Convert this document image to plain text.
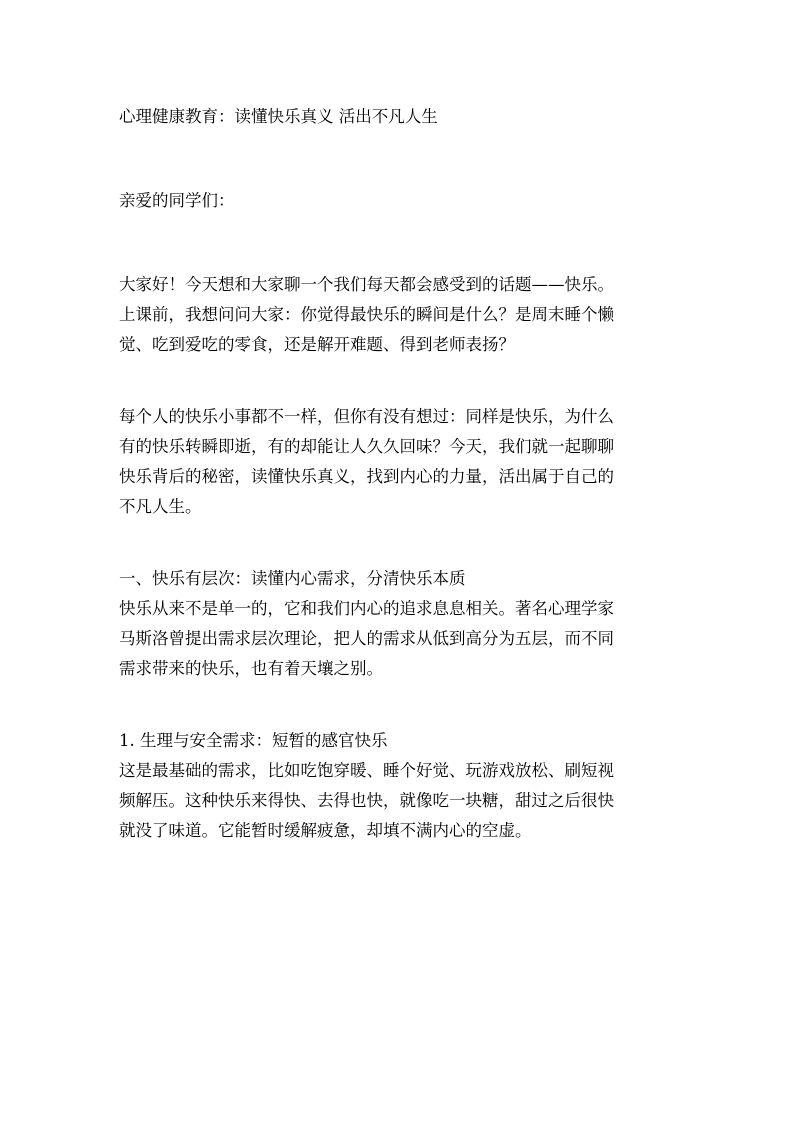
心理健康教育：读懂快乐真义 活出不凡人生
亲爱的同学们：
大家好！今天想和大家聊一个我们每天都会感受到的话题——快乐。
上课前，我想问问大家：你觉得最快乐的瞬间是什么？是周末睡个懒
觉、吃到爱吃的零食，还是解开难题、得到老师表扬？
每个人的快乐小事都不一样，但你有没有想过：同样是快乐，为什么
有的快乐转瞬即逝，有的却能让人久久回味？今天，我们就一起聊聊
快乐背后的秘密，读懂快乐真义，找到内心的力量，活出属于自己的
不凡人生。
一、快乐有层次：读懂内心需求，分清快乐本质
快乐从来不是单一的，它和我们内心的追求息息相关。著名心理学家
马斯洛曾提出需求层次理论，把人的需求从低到高分为五层，而不同
需求带来的快乐，也有着天壤之别。
1. 生理与安全需求：短暂的感官快乐
这是最基础的需求，比如吃饱穿暖、睡个好觉、玩游戏放松、刷短视
频解压。这种快乐来得快、去得也快，就像吃一块糖，甜过之后很快
就没了味道。它能暂时缓解疲惫，却填不满内心的空虚。
